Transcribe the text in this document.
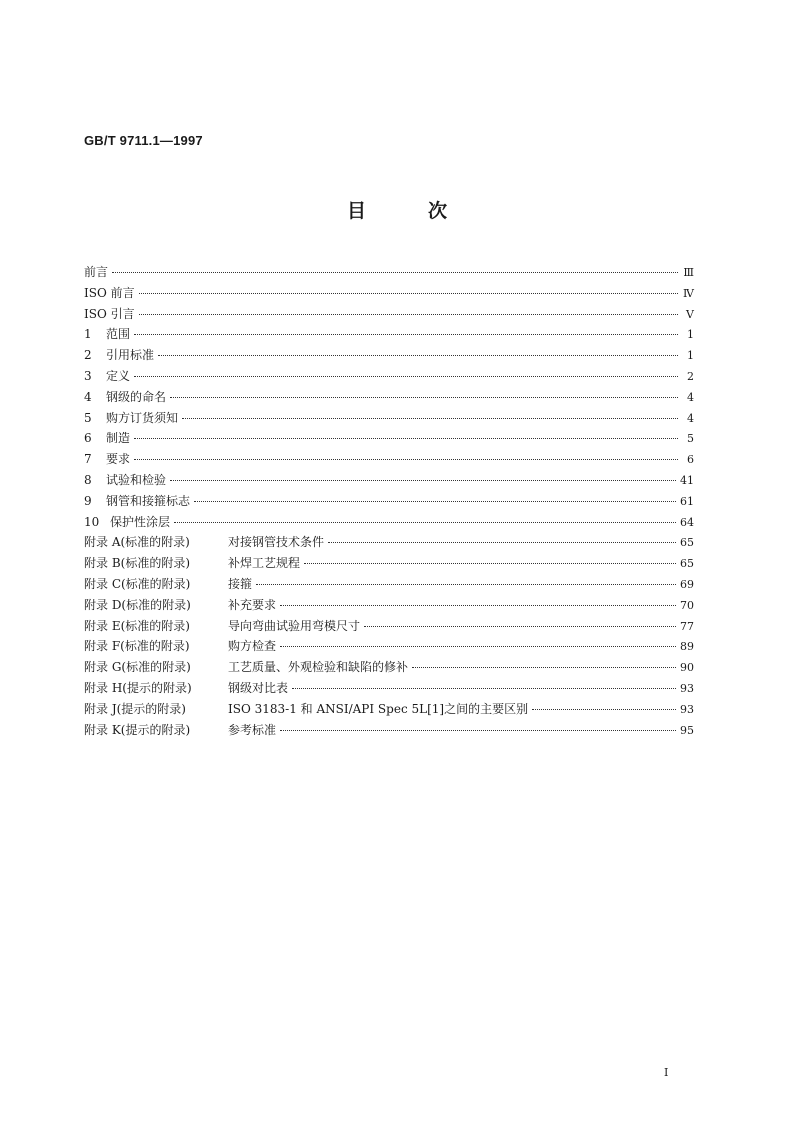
GB/T 9711.1—1997
目	次
前言	Ⅲ
ISO 前言	Ⅳ
ISO 引言	Ⅴ
1 范围	1
2 引用标准	1
3 定义	2
4 钢级的命名	4
5 购方订货须知	4
6 制造	5
7 要求	6
8 试验和检验	41
9 钢管和接箍标志	61
10 保护性涂层	64
附录 A(标准的附录)	对接钢管技术条件	65
附录 B(标准的附录)	补焊工艺规程	65
附录 C(标准的附录)	接箍	69
附录 D(标准的附录)	补充要求	70
附录 E(标准的附录)	导向弯曲试验用弯模尺寸	77
附录 F(标准的附录)	购方检查	89
附录 G(标准的附录)	工艺质量、外观检验和缺陷的修补	90
附录 H(提示的附录)	钢级对比表	93
附录 J(提示的附录)	ISO 3183-1 和 ANSI/API Spec 5L[1]之间的主要区别	93
附录 K(提示的附录)	参考标准	95
I
